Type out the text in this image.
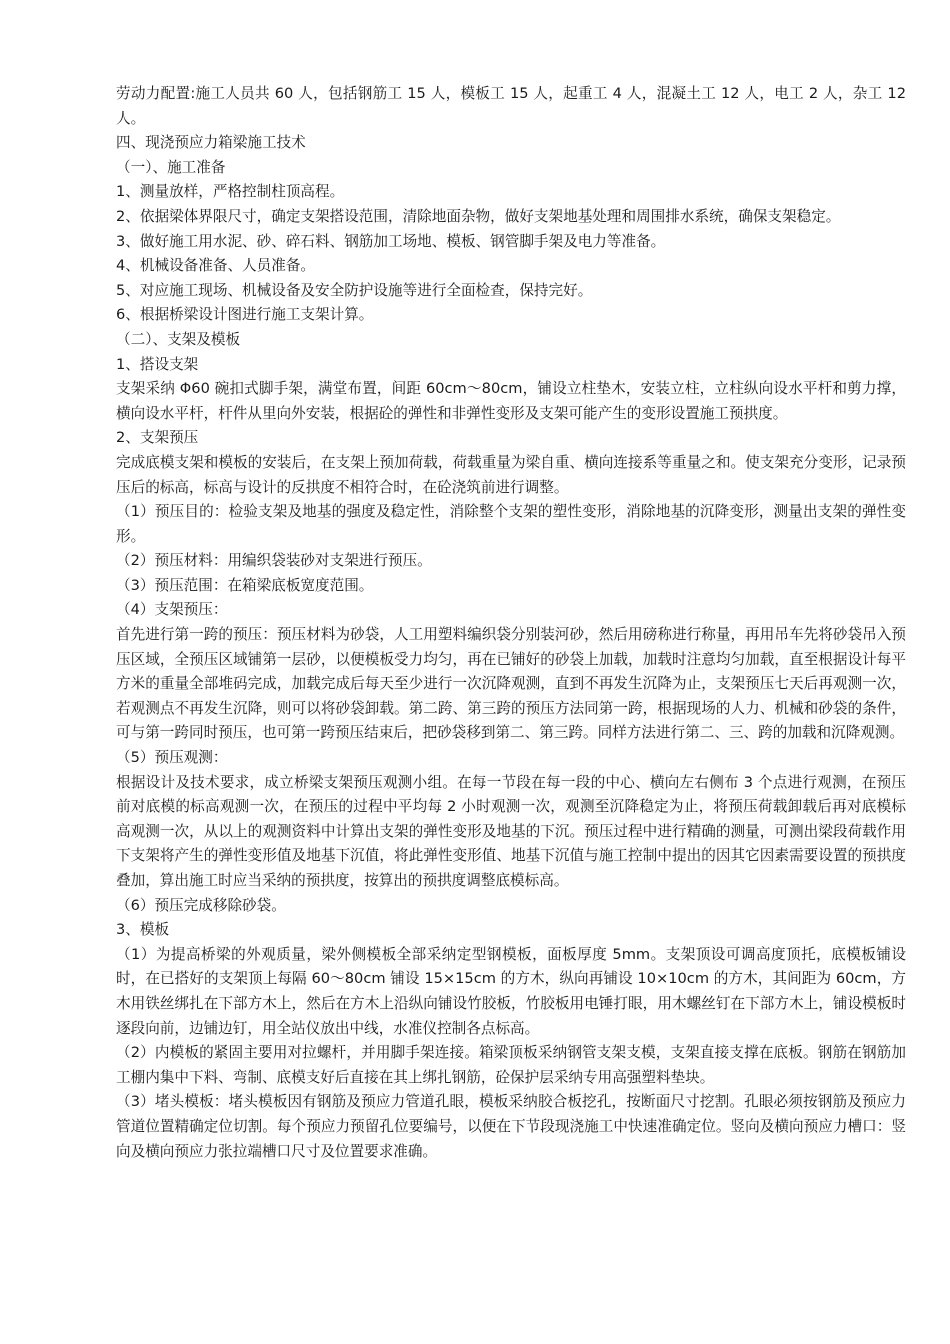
劳动力配置:施工人员共 60 人，包括钢筋工 15 人，模板工 15 人，起重工 4 人，混凝土工 12 人，电工 2 人，杂工 12 人。

四、现浇预应力箱梁施工技术

（一）、施工准备

1、测量放样，严格控制柱顶高程。

2、依据梁体界限尺寸，确定支架搭设范围，清除地面杂物，做好支架地基处理和周围排水系统，确保支架稳定。

3、做好施工用水泥、砂、碎石料、钢筋加工场地、模板、钢管脚手架及电力等准备。

4、机械设备准备、人员准备。

5、对应施工现场、机械设备及安全防护设施等进行全面检查，保持完好。

6、根据桥梁设计图进行施工支架计算。

（二）、支架及模板

1、搭设支架

支架采纳 Φ60 碗扣式脚手架，满堂布置，间距 60cm～80cm，铺设立柱垫木，安装立柱，立柱纵向设水平杆和剪力撑，横向设水平杆，杆件从里向外安装，根据砼的弹性和非弹性变形及支架可能产生的变形设置施工预拱度。

2、支架预压

完成底模支架和模板的安装后，在支架上预加荷载，荷载重量为梁自重、横向连接系等重量之和。使支架充分变形，记录预压后的标高，标高与设计的反拱度不相符合时，在砼浇筑前进行调整。

（1）预压目的：检验支架及地基的强度及稳定性，消除整个支架的塑性变形，消除地基的沉降变形，测量出支架的弹性变形。

（2）预压材料：用编织袋装砂对支架进行预压。

（3）预压范围：在箱梁底板宽度范围。

（4）支架预压：

首先进行第一跨的预压：预压材料为砂袋，人工用塑料编织袋分别装河砂，然后用磅称进行称量，再用吊车先将砂袋吊入预压区域，全预压区域铺第一层砂，以便模板受力均匀，再在已铺好的砂袋上加载，加载时注意均匀加载，直至根据设计每平方米的重量全部堆码完成，加载完成后每天至少进行一次沉降观测，直到不再发生沉降为止，支架预压七天后再观测一次，若观测点不再发生沉降，则可以将砂袋卸载。第二跨、第三跨的预压方法同第一跨，根据现场的人力、机械和砂袋的条件，可与第一跨同时预压，也可第一跨预压结束后，把砂袋移到第二、第三跨。同样方法进行第二、三、跨的加载和沉降观测。

（5）预压观测：

根据设计及技术要求，成立桥梁支架预压观测小组。在每一节段在每一段的中心、横向左右侧布 3 个点进行观测，在预压前对底模的标高观测一次，在预压的过程中平均每 2 小时观测一次，观测至沉降稳定为止，将预压荷载卸载后再对底模标高观测一次，从以上的观测资料中计算出支架的弹性变形及地基的下沉。预压过程中进行精确的测量，可测出梁段荷载作用下支架将产生的弹性变形值及地基下沉值，将此弹性变形值、地基下沉值与施工控制中提出的因其它因素需要设置的预拱度叠加，算出施工时应当采纳的预拱度，按算出的预拱度调整底模标高。

（6）预压完成移除砂袋。

3、模板

（1）为提高桥梁的外观质量，梁外侧模板全部采纳定型钢模板，面板厚度 5mm。支架顶设可调高度顶托，底模板铺设时，在已搭好的支架顶上每隔 60～80cm 铺设 15×15cm 的方木，纵向再铺设 10×10cm 的方木，其间距为 60cm，方木用铁丝绑扎在下部方木上，然后在方木上沿纵向铺设竹胶板，竹胶板用电锤打眼，用木螺丝钉在下部方木上，铺设模板时逐段向前，边铺边钉，用全站仪放出中线，水准仪控制各点标高。

（2）内模板的紧固主要用对拉螺杆，并用脚手架连接。箱梁顶板采纳钢管支架支模，支架直接支撑在底板。钢筋在钢筋加工棚内集中下料、弯制、底模支好后直接在其上绑扎钢筋，砼保护层采纳专用高强塑料垫块。

（3）堵头模板：堵头模板因有钢筋及预应力管道孔眼，模板采纳胶合板挖孔，按断面尺寸挖割。孔眼必须按钢筋及预应力管道位置精确定位切割。每个预应力预留孔位要编号，以便在下节段现浇施工中快速准确定位。竖向及横向预应力槽口：竖向及横向预应力张拉端槽口尺寸及位置要求准确。
